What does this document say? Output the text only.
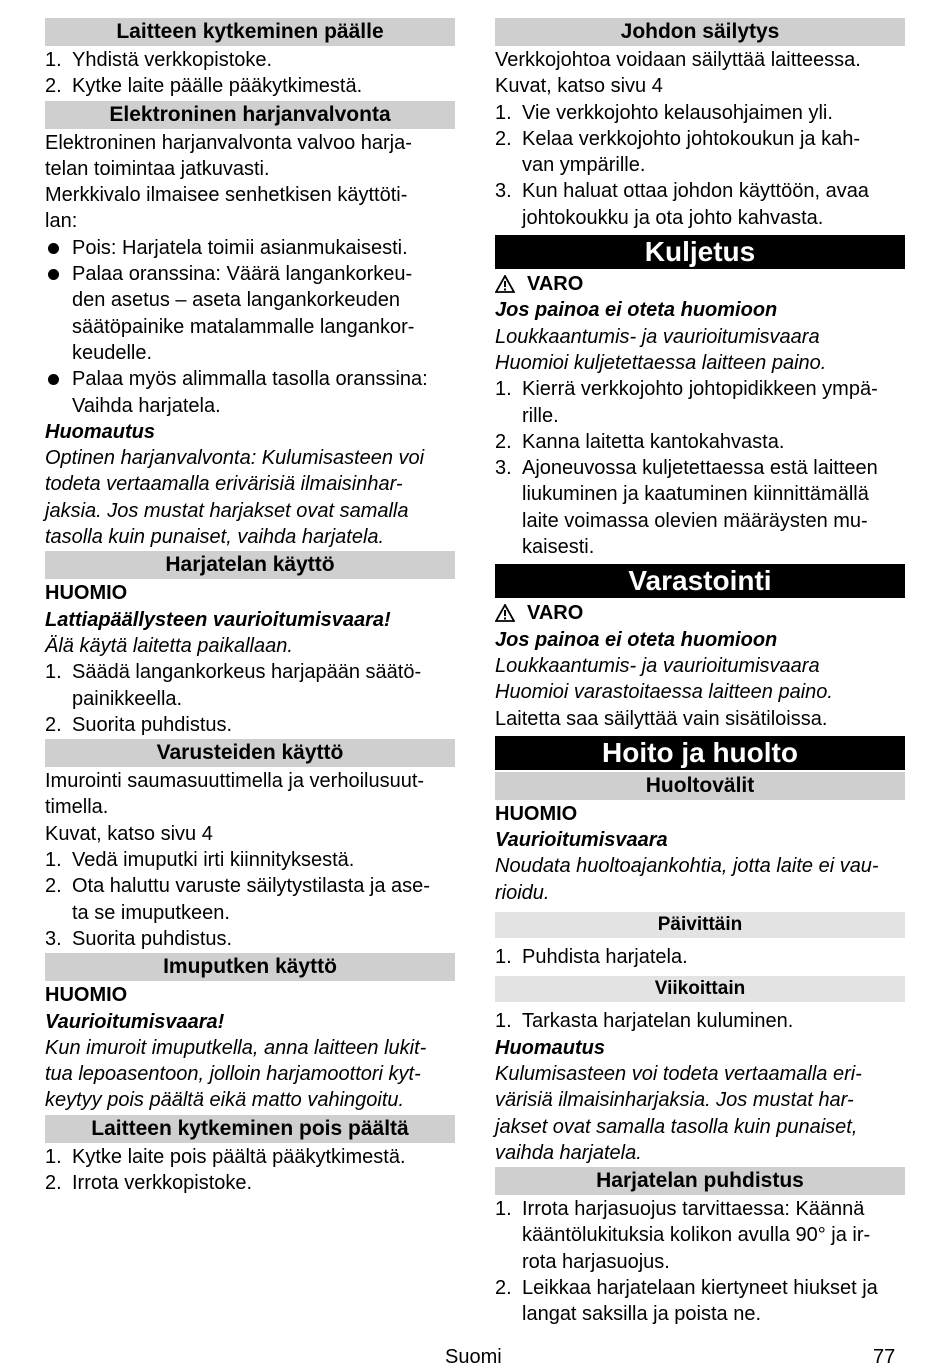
Laitteen kytkeminen päälle
1. Yhdistä verkkopistoke.
2. Kytke laite päälle pääkytkimestä.
Elektroninen harjanvalvonta
Elektroninen harjanvalvonta valvoo harja-
telan toimintaa jatkuvasti.
Merkkivalo ilmaisee senhetkisen käyttöti-
lan:
Pois: Harjatela toimii asianmukaisesti.
Palaa oranssina: Väärä langankorkeu-
den asetus – aseta langankorkeuden
säätöpainike matalammalle langankor-
keudelle.
Palaa myös alimmalla tasolla oranssina:
Vaihda harjatela.
Huomautus
Optinen harjanvalvonta: Kulumisasteen voi
todeta vertaamalla erivärisiä ilmaisinhar-
jaksia. Jos mustat harjakset ovat samalla
tasolla kuin punaiset, vaihda harjatela.
Harjatelan käyttö
HUOMIO
Lattiapäällysteen vaurioitumisvaara!
Älä käytä laitetta paikallaan.
1. Säädä langankorkeus harjapään säätö-
painikkeella.
2. Suorita puhdistus.
Varusteiden käyttö
Imurointi saumasuuttimella ja verhoilusuut-
timella.
Kuvat, katso sivu 4
1. Vedä imuputki irti kiinnityksestä.
2. Ota haluttu varuste säilytystilasta ja ase-
ta se imuputkeen.
3. Suorita puhdistus.
Imuputken käyttö
HUOMIO
Vaurioitumisvaara!
Kun imuroit imuputkella, anna laitteen lukit-
tua lepoasentoon, jolloin harjamoottori kyt-
keytyy pois päältä eikä matto vahingoitu.
Laitteen kytkeminen pois päältä
1. Kytke laite pois päältä pääkytkimestä.
2. Irrota verkkopistoke.
Johdon säilytys
Verkkojohtoa voidaan säilyttää laitteessa.
Kuvat, katso sivu 4
1. Vie verkkojohto kelausohjaimen yli.
2. Kelaa verkkojohto johtokoukun ja kah-
van ympärille.
3. Kun haluat ottaa johdon käyttöön, avaa
johtokoukku ja ota johto kahvasta.
Kuljetus
VARO
Jos painoa ei oteta huomioon
Loukkaantumis- ja vaurioitumisvaara
Huomioi kuljetettaessa laitteen paino.
1. Kierrä verkkojohto johtopidikkeen ympä-
rille.
2. Kanna laitetta kantokahvasta.
3. Ajoneuvossa kuljetettaessa estä laitteen
liukuminen ja kaatuminen kiinnittämällä
laite voimassa olevien määräysten mu-
kaisesti.
Varastointi
VARO
Jos painoa ei oteta huomioon
Loukkaantumis- ja vaurioitumisvaara
Huomioi varastoitaessa laitteen paino.
Laitetta saa säilyttää vain sisätiloissa.
Hoito ja huolto
Huoltovälit
HUOMIO
Vaurioitumisvaara
Noudata huoltoajankohtia, jotta laite ei vau-
rioidu.
Päivittäin
1. Puhdista harjatela.
Viikoittain
1. Tarkasta harjatelan kuluminen.
Huomautus
Kulumisasteen voi todeta vertaamalla eri-
värisiä ilmaisinharjaksia. Jos mustat har-
jakset ovat samalla tasolla kuin punaiset,
vaihda harjatela.
Harjatelan puhdistus
1. Irrota harjasuojus tarvittaessa: Käännä
kääntölukituksia kolikon avulla 90° ja ir-
rota harjasuojus.
2. Leikkaa harjatelaan kiertyneet hiukset ja
langat saksilla ja poista ne.
Suomi	77
